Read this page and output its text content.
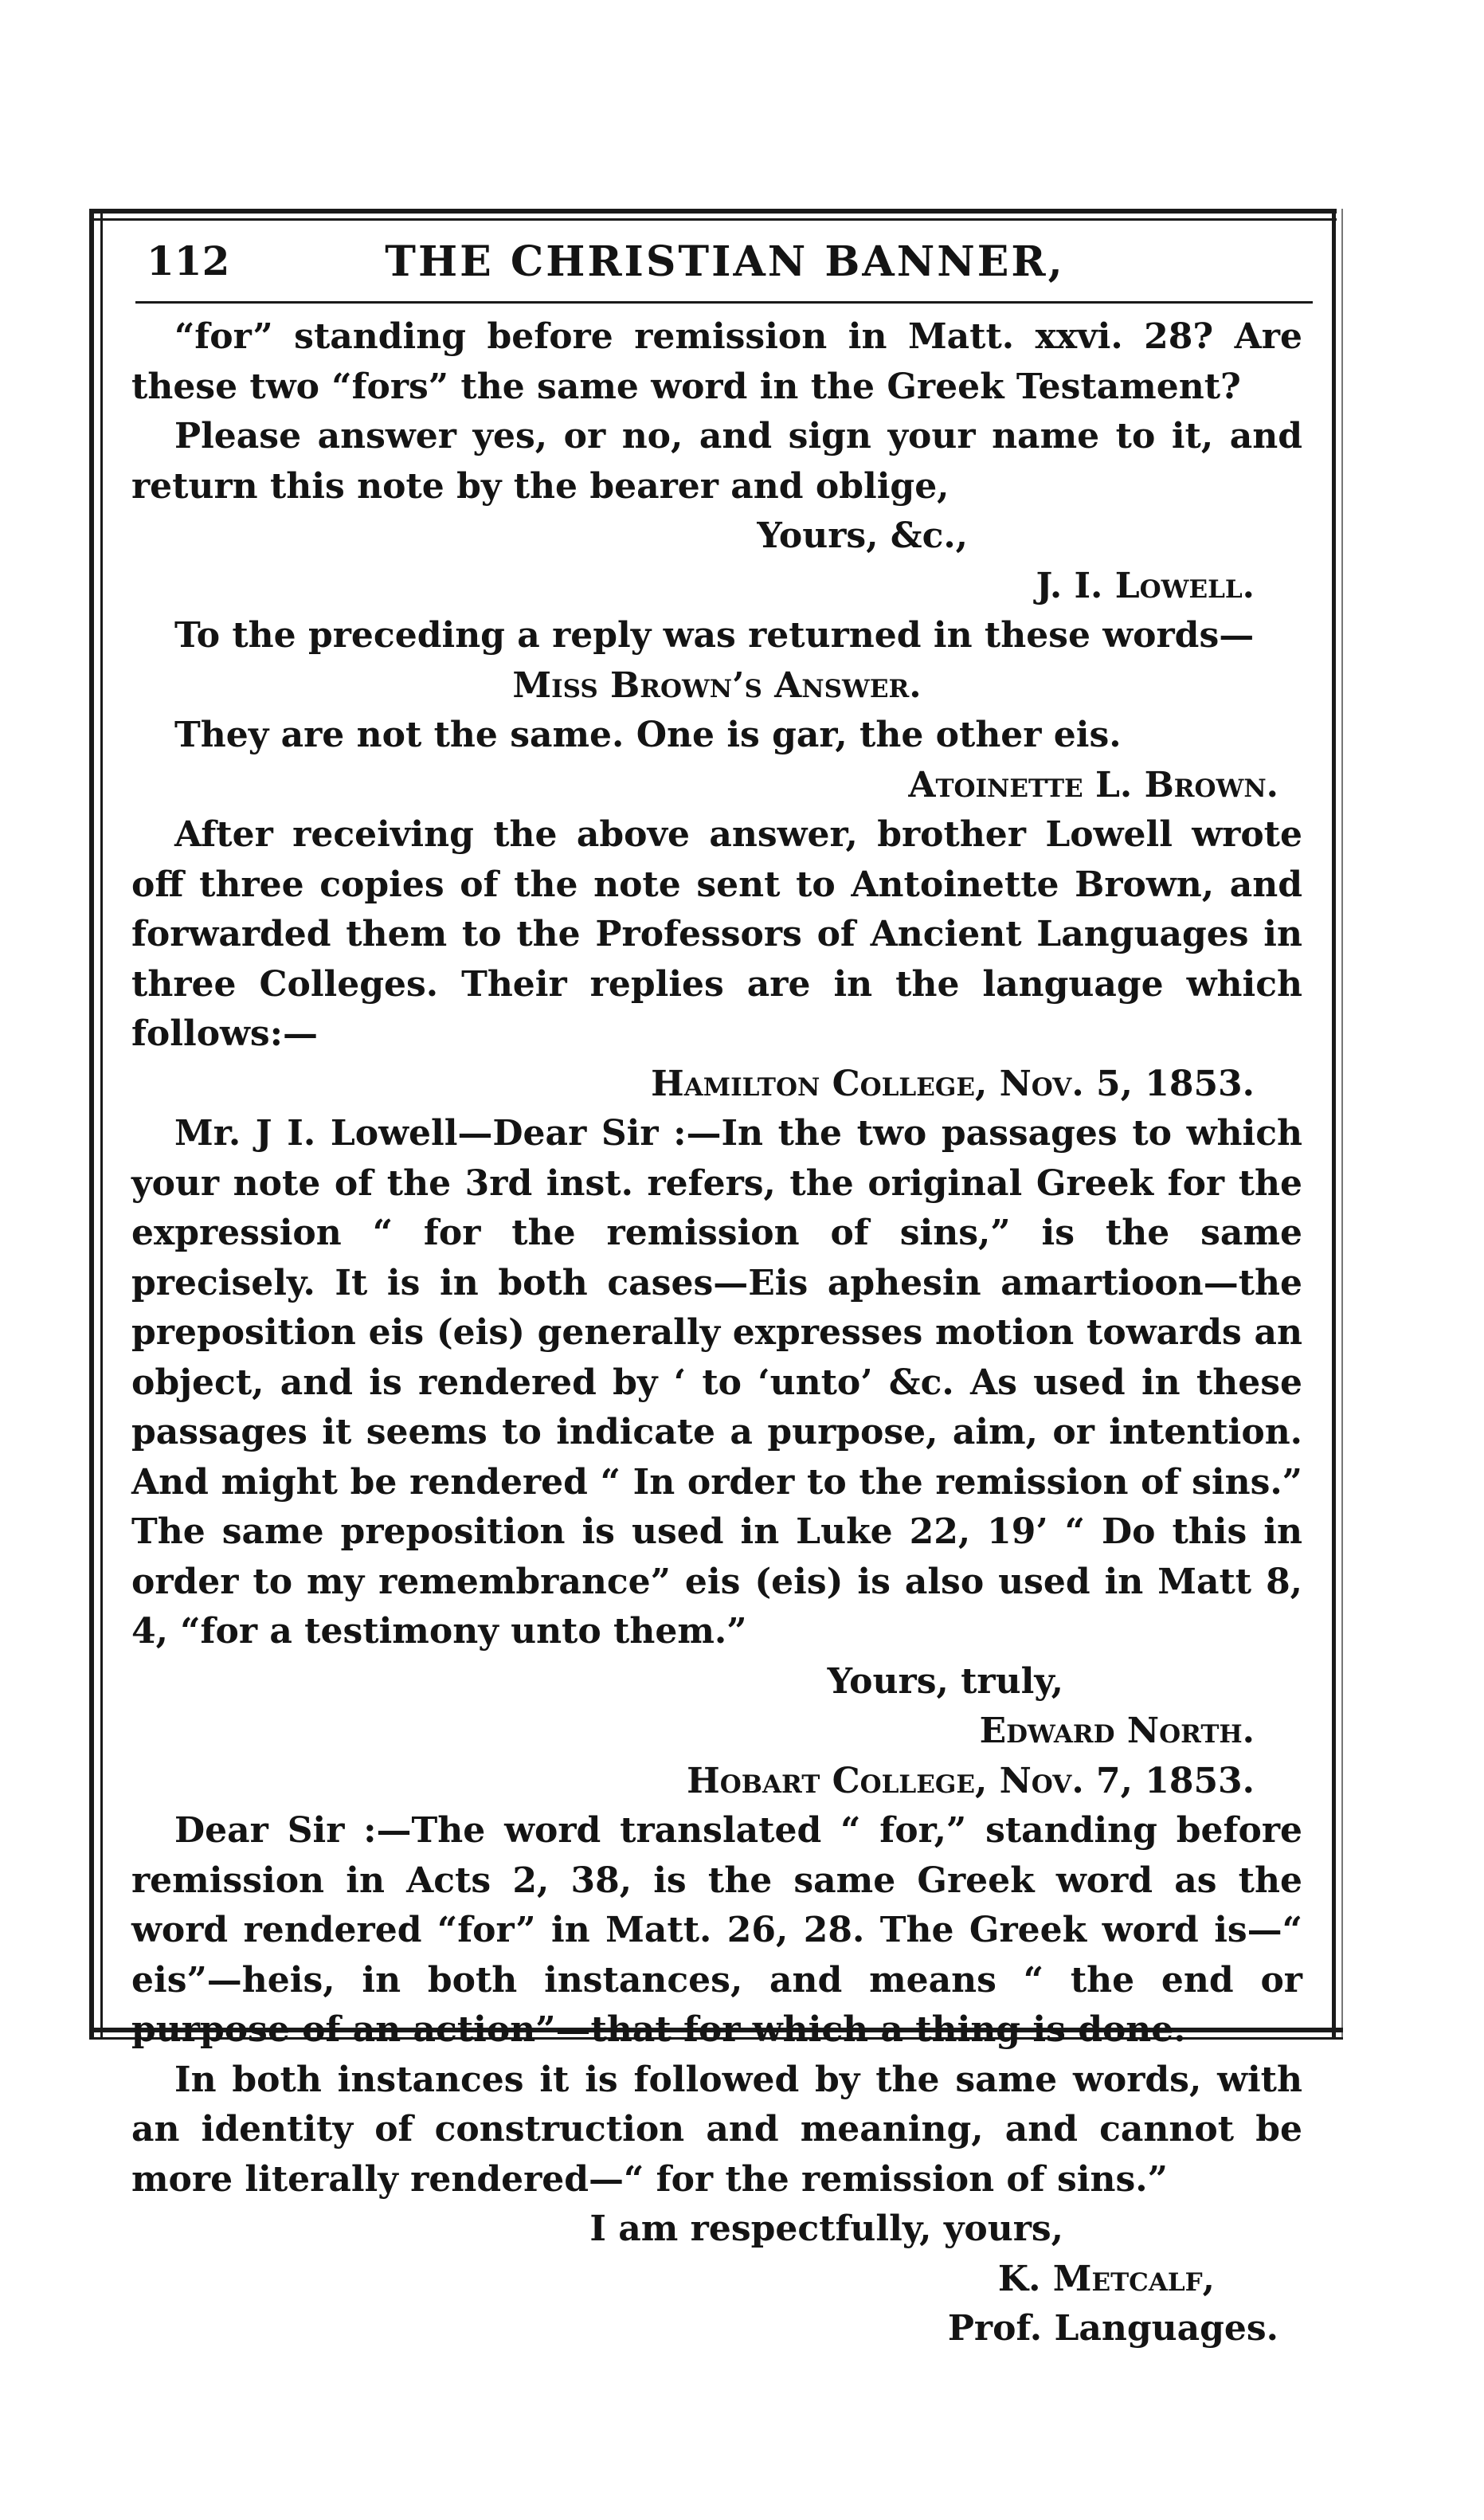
112	THE CHRISTIAN BANNER,

“for” standing before remission in Matt. xxvi. 28? Are these two “fors” the same word in the Greek Testament?

Please answer yes, or no, and sign your name to it, and return this note by the bearer and oblige,

Yours, &c.,

J. I. Lowell.

To the preceding a reply was returned in these words—

Miss Brown’s Answer.

They are not the same. One is gar, the other eis.

Atoinette L. Brown.

After receiving the above answer, brother Lowell wrote off three copies of the note sent to Antoinette Brown, and forwarded them to the Professors of Ancient Languages in three Colleges. Their replies are in the language which follows:—

Hamilton College, Nov. 5, 1853.

Mr. J I. Lowell—Dear Sir :—In the two passages to which your note of the 3rd inst. refers, the original Greek for the expression “ for the remission of sins,” is the same precisely. It is in both cases—Eis aphesin amartioon—the preposition eis (eis) generally expresses motion towards an object, and is rendered by ‘ to ‘unto’ &c. As used in these passages it seems to indicate a purpose, aim, or intention. And might be rendered “ In order to the remission of sins.” The same preposition is used in Luke 22, 19’ “ Do this in order to my remembrance” eis (eis) is also used in Matt 8, 4, “for a testimony unto them.”

Yours, truly,

Edward North.

Hobart College, Nov. 7, 1853.

Dear Sir :—The word translated “ for,” standing before remission in Acts 2, 38, is the same Greek word as the word rendered “for” in Matt. 26, 28. The Greek word is—“ eis”—heis, in both instances, and means “ the end or purpose of an action”—that for which a thing is done.

In both instances it is followed by the same words, with an identity of construction and meaning, and cannot be more literally rendered—“ for the remission of sins.”

I am respectfully, yours,

K. Metcalf,

Prof. Languages.
